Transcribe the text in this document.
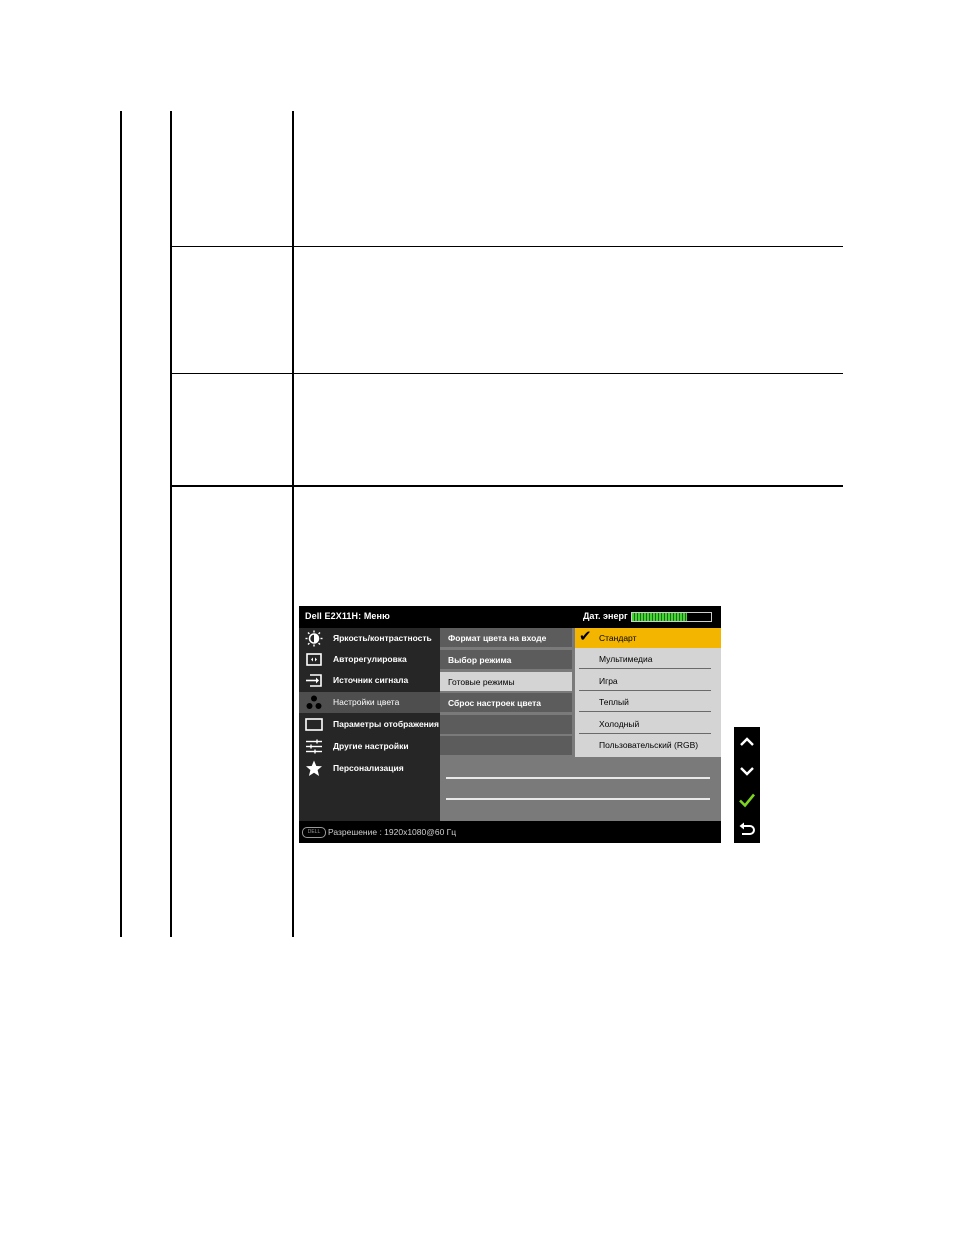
Dell E2X11H: Меню	Дат. энерг
Яркость/контрастность
Авторегулировка
Источник сигнала
Настройки цвета
Параметры отображения
Другие настройки
Персонализация
Формат цвета на входе
Выбор режима
Готовые режимы
Сброс настроек цвета
✔ Стандарт
Мультимедиа
Игра
Теплый
Холодный
Пользовательский (RGB)
DELL Разрешение : 1920x1080@60 Гц
